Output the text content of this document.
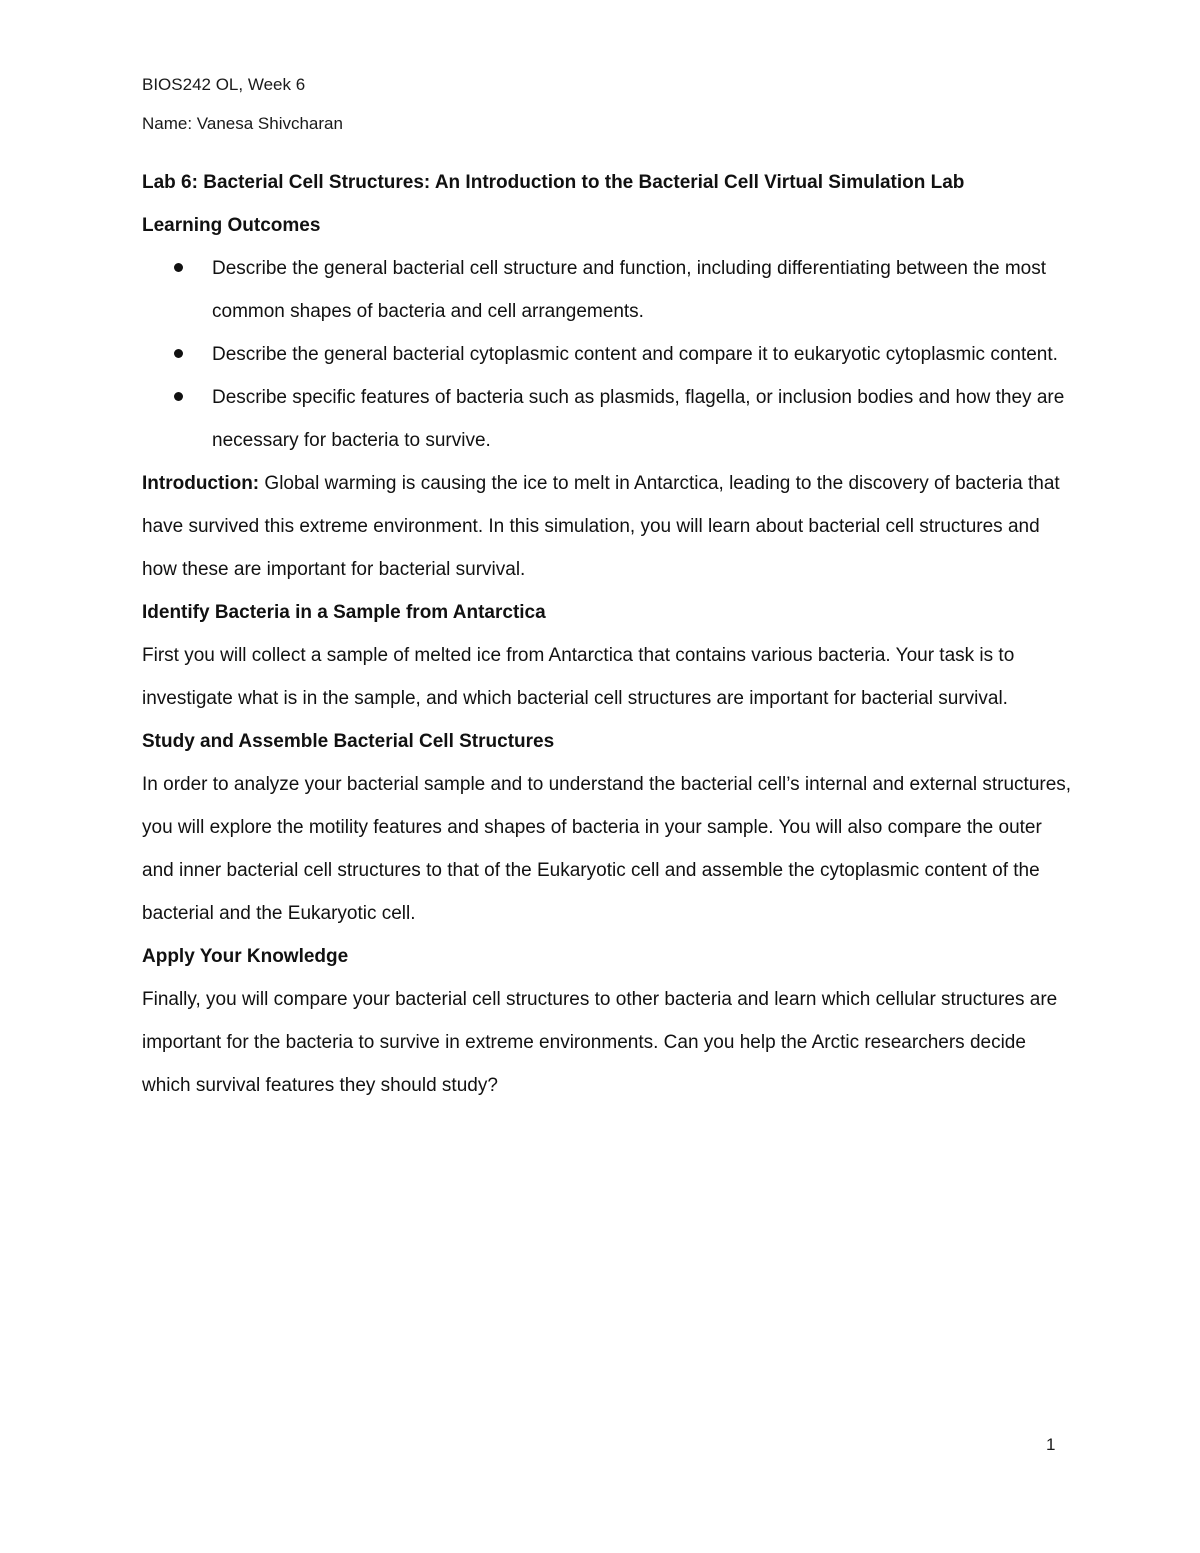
BIOS242 OL, Week 6
Name: Vanesa Shivcharan
Lab 6: Bacterial Cell Structures: An Introduction to the Bacterial Cell Virtual Simulation Lab
Learning Outcomes
Describe the general bacterial cell structure and function, including differentiating between the most common shapes of bacteria and cell arrangements.
Describe the general bacterial cytoplasmic content and compare it to eukaryotic cytoplasmic content.
Describe specific features of bacteria such as plasmids, flagella, or inclusion bodies and how they are necessary for bacteria to survive.

Introduction: Global warming is causing the ice to melt in Antarctica, leading to the discovery of bacteria that have survived this extreme environment. In this simulation, you will learn about bacterial cell structures and how these are important for bacterial survival.

Identify Bacteria in a Sample from Antarctica

First you will collect a sample of melted ice from Antarctica that contains various bacteria. Your task is to investigate what is in the sample, and which bacterial cell structures are important for bacterial survival.

Study and Assemble Bacterial Cell Structures

In order to analyze your bacterial sample and to understand the bacterial cell’s internal and external structures, you will explore the motility features and shapes of bacteria in your sample. You will also compare the outer and inner bacterial cell structures to that of the Eukaryotic cell and assemble the cytoplasmic content of the bacterial and the Eukaryotic cell.

Apply Your Knowledge

Finally, you will compare your bacterial cell structures to other bacteria and learn which cellular structures are important for the bacteria to survive in extreme environments. Can you help the Arctic researchers decide which survival features they should study?

1
